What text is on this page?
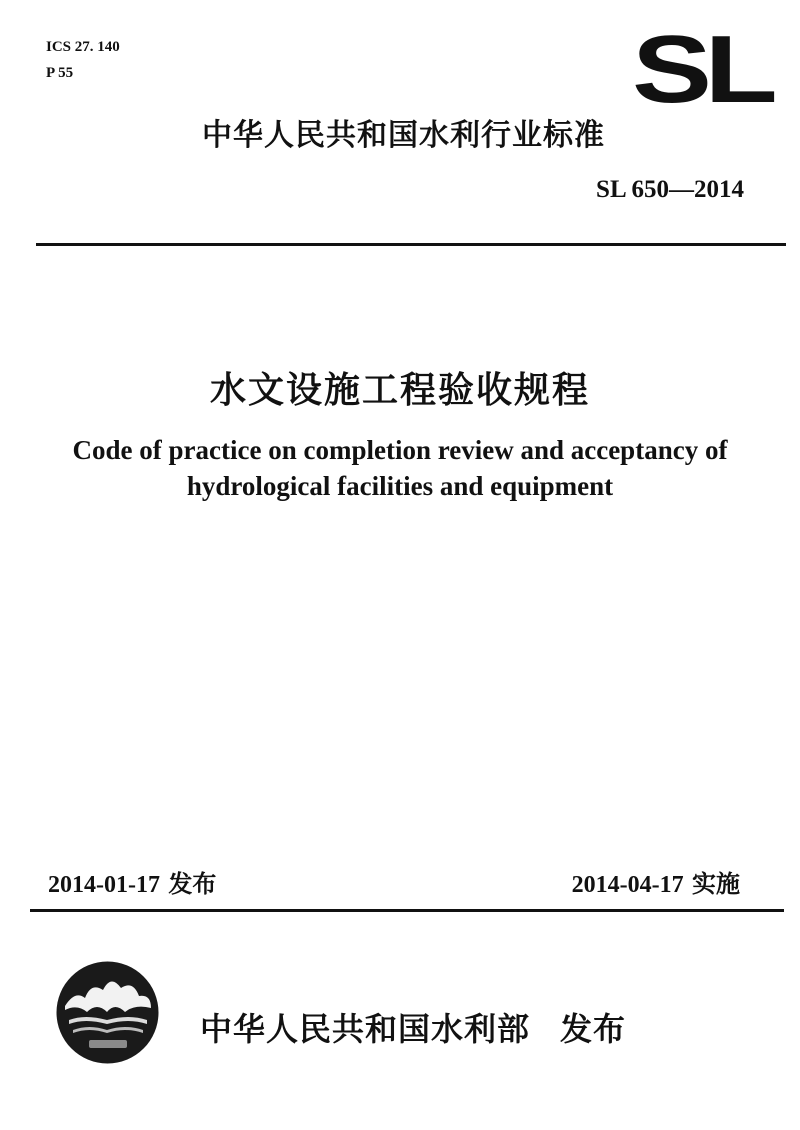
ICS 27. 140
P 55	SL
中华人民共和国水利行业标准
SL 650—2014
水文设施工程验收规程
Code of practice on completion review and acceptancy of
hydrological facilities and equipment
2014-01-17 发布	2014-04-17 实施
中华人民共和国水利部 发布
